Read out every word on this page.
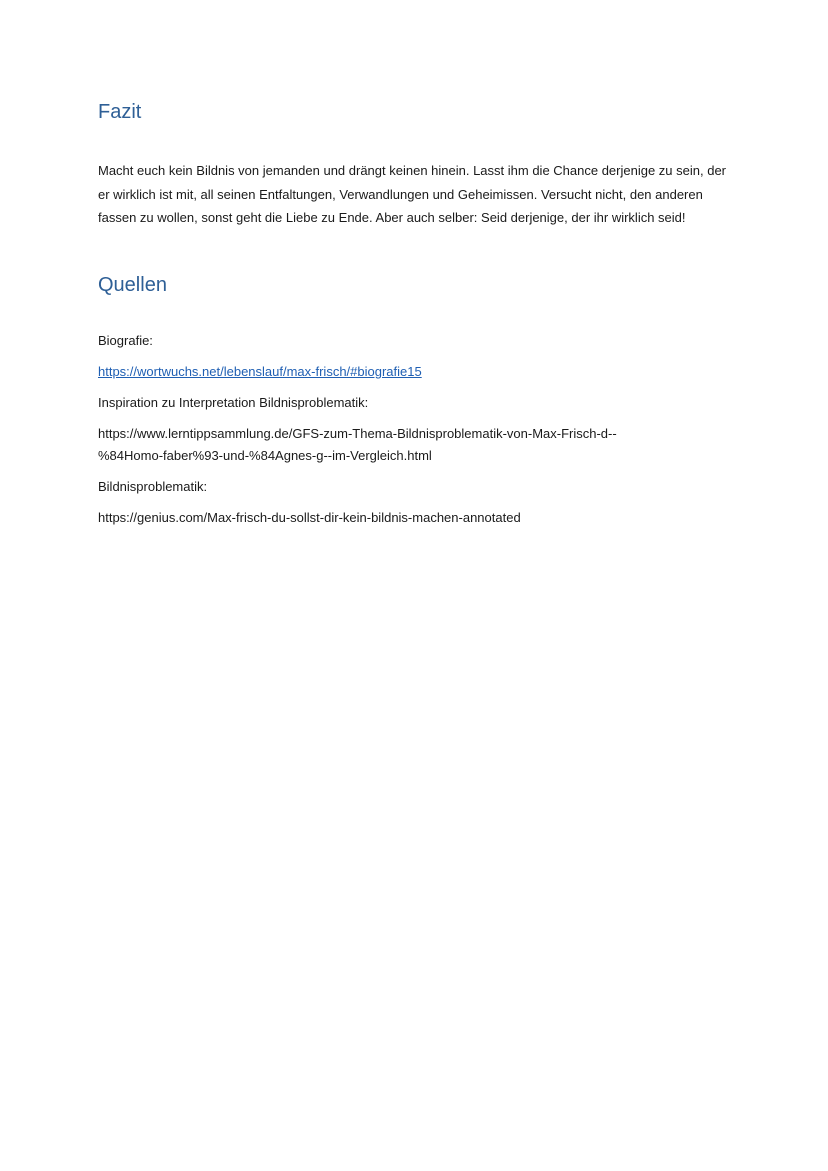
Fazit

Macht euch kein Bildnis von jemanden und drängt keinen hinein. Lasst ihm die Chance derjenige zu sein, der er wirklich ist mit, all seinen Entfaltungen, Verwandlungen und Geheimissen. Versucht nicht, den anderen fassen zu wollen, sonst geht die Liebe zu Ende. Aber auch selber: Seid derjenige, der ihr wirklich seid!

Quellen

Biografie:

https://wortwuchs.net/lebenslauf/max-frisch/#biografie15

Inspiration zu Interpretation Bildnisproblematik:

https://www.lerntippsammlung.de/GFS-zum-Thema-Bildnisproblematik-von-Max-Frisch-d--
%84Homo-faber%93-und-%84Agnes-g--im-Vergleich.html

Bildnisproblematik:

https://genius.com/Max-frisch-du-sollst-dir-kein-bildnis-machen-annotated
